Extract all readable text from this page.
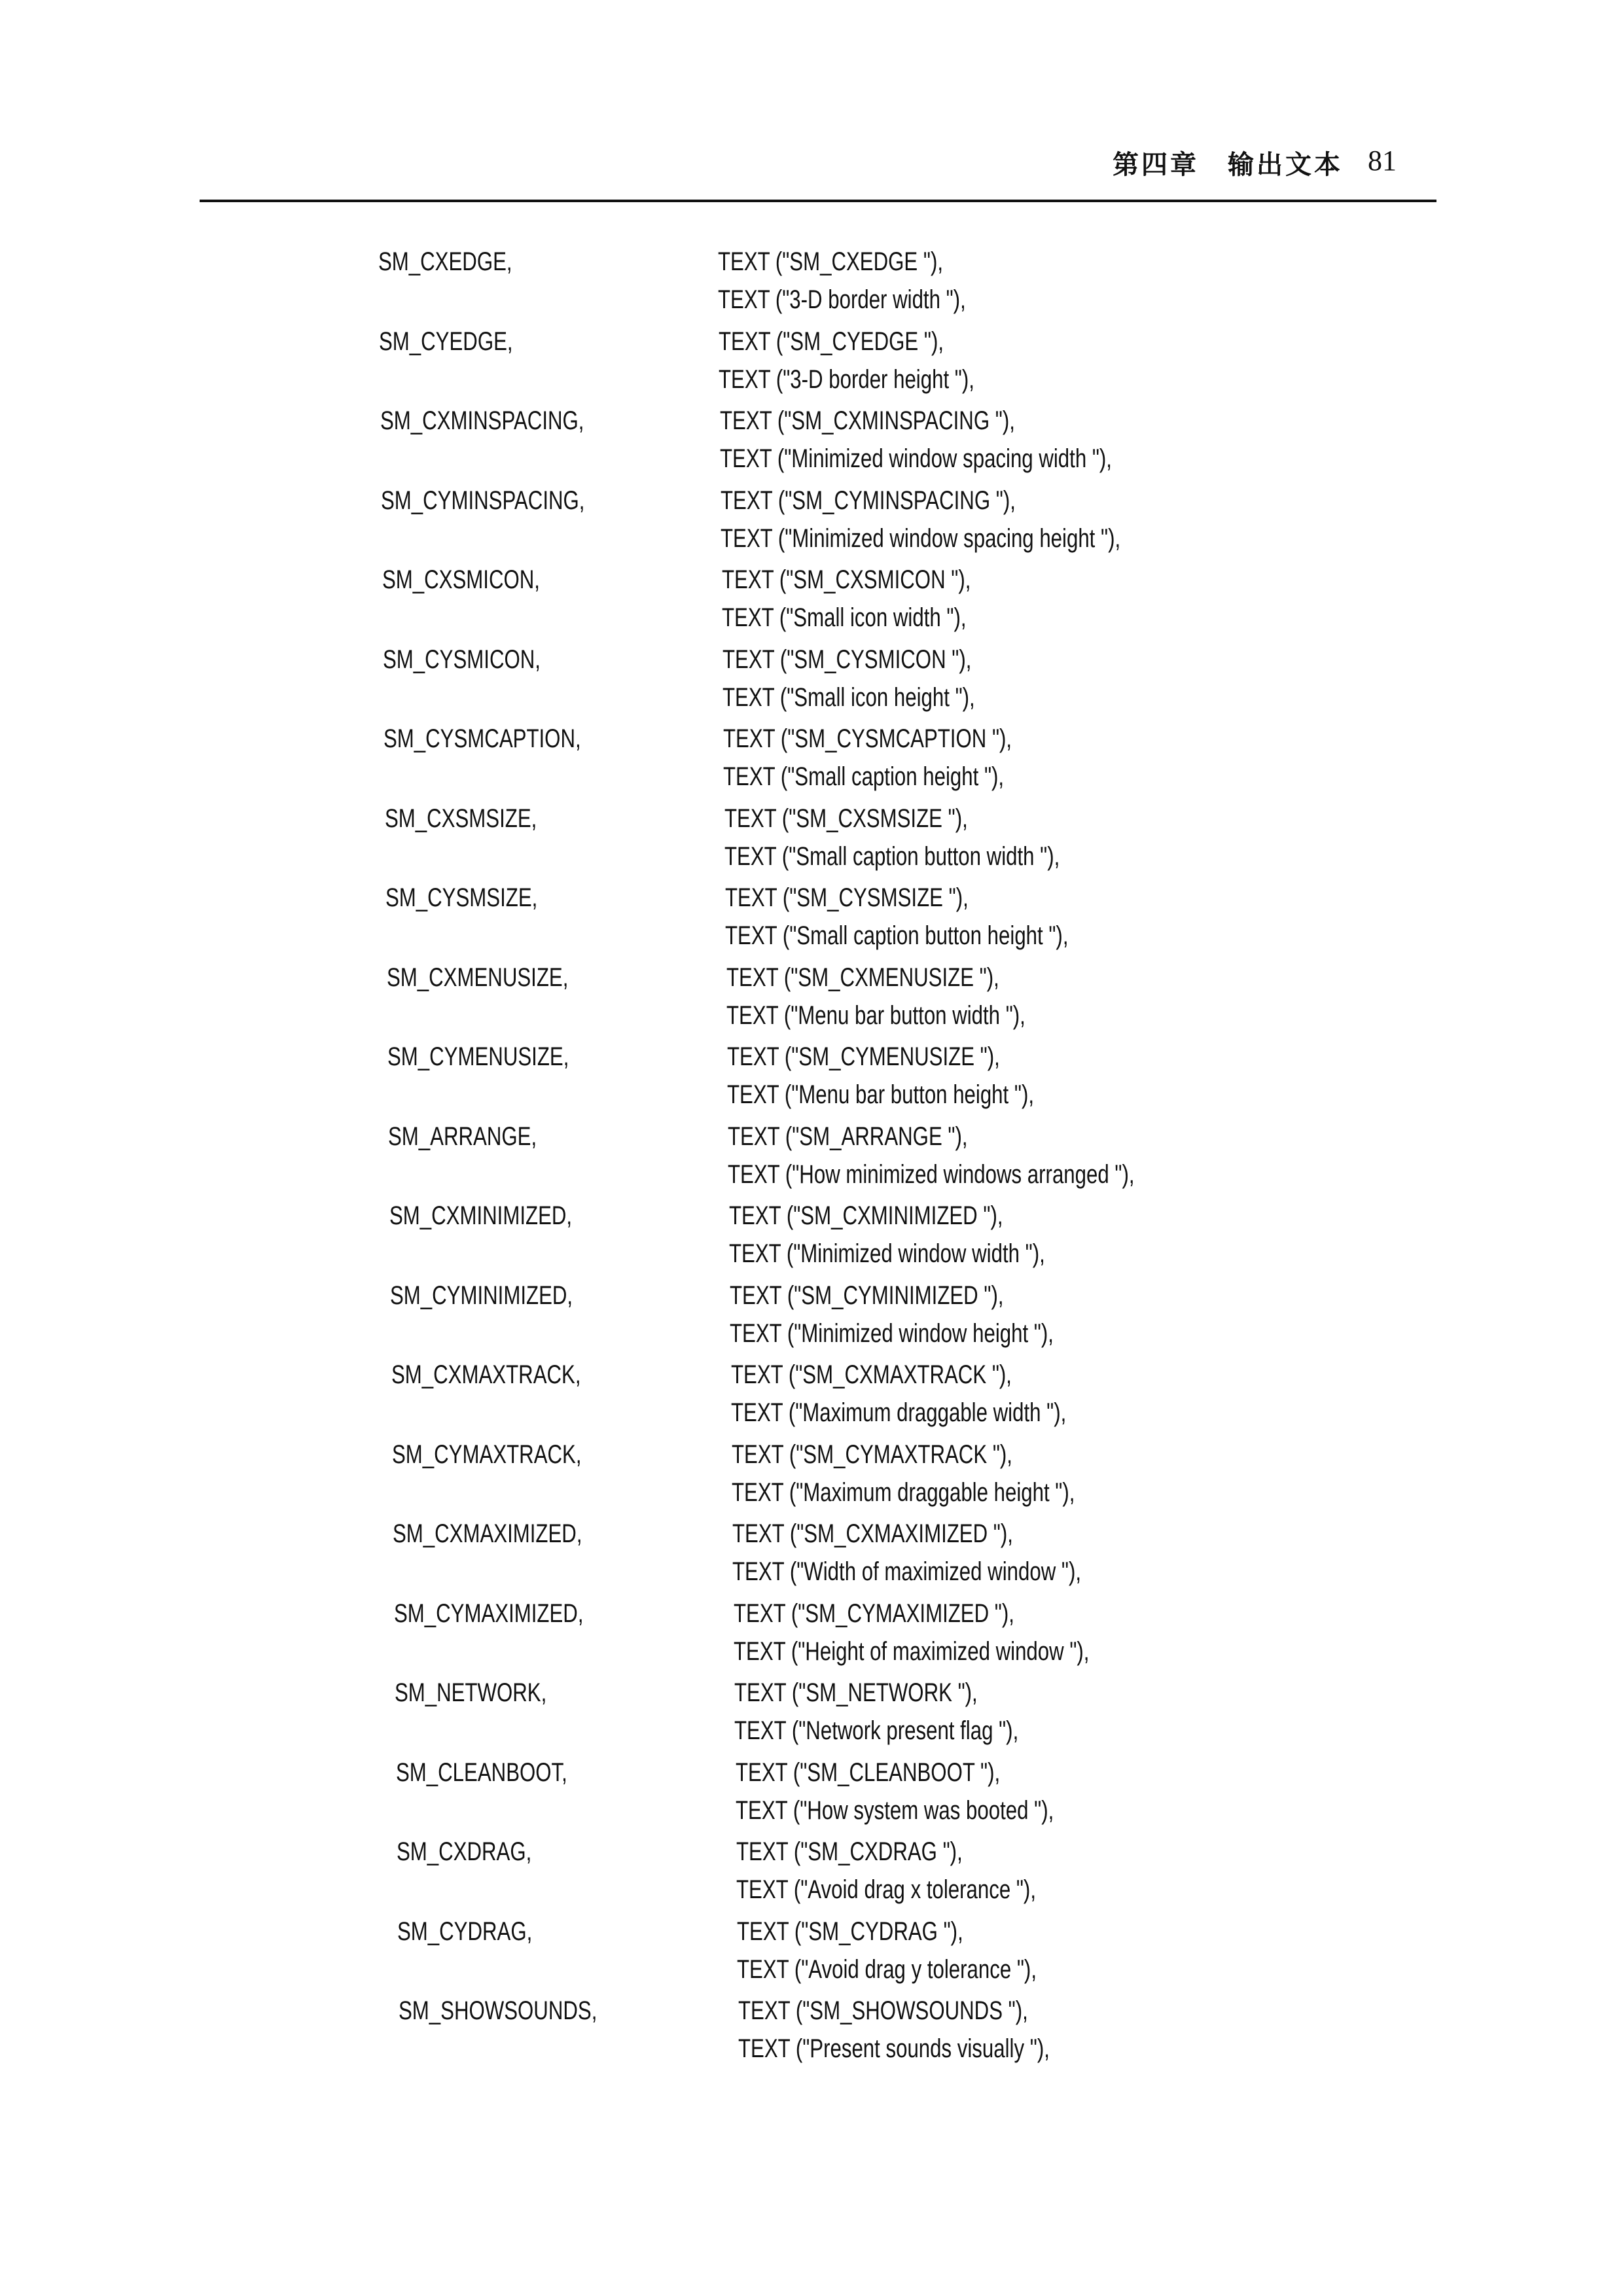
第四章　输出文本 81
SM_CXEDGE,	TEXT ("SM_CXEDGE "),
TEXT ("3-D border width "),
SM_CYEDGE,	TEXT ("SM_CYEDGE "),
TEXT ("3-D border height "),
SM_CXMINSPACING,	TEXT ("SM_CXMINSPACING "),
TEXT ("Minimized window spacing width "),
SM_CYMINSPACING,	TEXT ("SM_CYMINSPACING "),
TEXT ("Minimized window spacing height "),
SM_CXSMICON,	TEXT ("SM_CXSMICON "),
TEXT ("Small icon width "),
SM_CYSMICON,	TEXT ("SM_CYSMICON "),
TEXT ("Small icon height "),
SM_CYSMCAPTION,	TEXT ("SM_CYSMCAPTION "),
TEXT ("Small caption height "),
SM_CXSMSIZE,	TEXT ("SM_CXSMSIZE "),
TEXT ("Small caption button width "),
SM_CYSMSIZE,	TEXT ("SM_CYSMSIZE "),
TEXT ("Small caption button height "),
SM_CXMENUSIZE,	TEXT ("SM_CXMENUSIZE "),
TEXT ("Menu bar button width "),
SM_CYMENUSIZE,	TEXT ("SM_CYMENUSIZE "),
TEXT ("Menu bar button height "),
SM_ARRANGE,	TEXT ("SM_ARRANGE "),
TEXT ("How minimized windows arranged "),
SM_CXMINIMIZED,	TEXT ("SM_CXMINIMIZED "),
TEXT ("Minimized window width "),
SM_CYMINIMIZED,	TEXT ("SM_CYMINIMIZED "),
TEXT ("Minimized window height "),
SM_CXMAXTRACK,	TEXT ("SM_CXMAXTRACK "),
TEXT ("Maximum draggable width "),
SM_CYMAXTRACK,	TEXT ("SM_CYMAXTRACK "),
TEXT ("Maximum draggable height "),
SM_CXMAXIMIZED,	TEXT ("SM_CXMAXIMIZED "),
TEXT ("Width of maximized window "),
SM_CYMAXIMIZED,	TEXT ("SM_CYMAXIMIZED "),
TEXT ("Height of maximized window "),
SM_NETWORK,	TEXT ("SM_NETWORK "),
TEXT ("Network present flag "),
SM_CLEANBOOT,	TEXT ("SM_CLEANBOOT "),
TEXT ("How system was booted "),
SM_CXDRAG,	TEXT ("SM_CXDRAG "),
TEXT ("Avoid drag x tolerance "),
SM_CYDRAG,	TEXT ("SM_CYDRAG "),
TEXT ("Avoid drag y tolerance "),
SM_SHOWSOUNDS,	TEXT ("SM_SHOWSOUNDS "),
TEXT ("Present sounds visually "),
